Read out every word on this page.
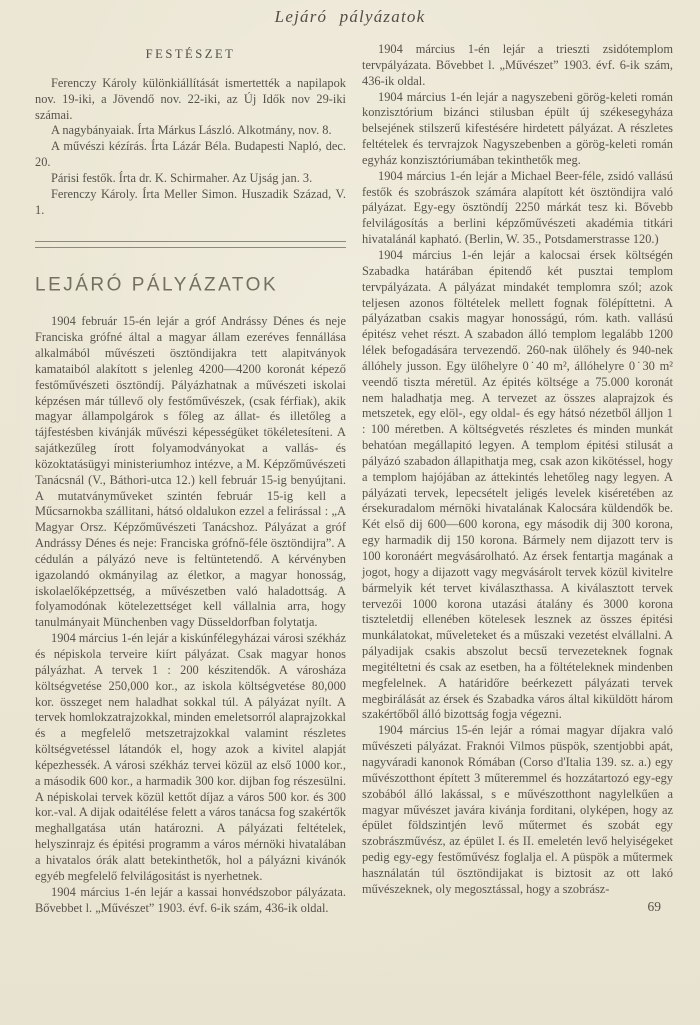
Lejáró pályázatok
FESTÉSZET

Ferenczy Károly különkiállítását ismertették a napilapok nov. 19-iki, a Jövendő nov. 22-iki, az Új Idők nov 29-iki számai.

A nagybányaiak. Írta Márkus László. Alkotmány, nov. 8.

A művészi kézírás. Írta Lázár Béla. Budapesti Napló, dec. 20.

Párisi festők. Írta dr. K. Schirmaher. Az Ujság jan. 3.

Ferenczy Károly. Írta Meller Simon. Huszadik Század, V. 1.

LEJÁRÓ PÁLYÁZATOK

1904 február 15-én lejár a gróf Andrássy Dénes és neje Franciska grófné által a magyar állam ezeréves fennállása alkalmából művészeti ösztöndijakra tett alapitványok kamataiból alakított s jelenleg 4200—4200 koronát képező festőművészeti ösztöndíj. Pályázhatnak a művészeti iskolai képzésen már túllevő oly festőművészek, (csak férfiak), akik magyar állampolgárok s főleg az állat- és illetőleg a tájfestésben kivánják művészi képességüket tökéletesíteni. A sajátkezűleg írott folyamodványokat a vallás- és közoktatásügyi ministeriumhoz intézve, a M. Képzőművészeti Tanácsnál (V., Báthori-utca 12.) kell február 15-ig benyújtani. A mutatványműveket szintén február 15-ig kell a Műcsarnokba szállitani, hátsó oldalukon ezzel a felirással : „A Magyar Orsz. Képzőművészeti Tanácshoz. Pályázat a gróf Andrássy Dénes és neje: Franciska grófnő-féle ösztöndijra”. A cédulán a pályázó neve is feltüntetendő. A kérvényben igazolandó okmányilag az életkor, a magyar honosság, iskolaelőképzettség, a művészetben való haladottság. A folyamodónak kötelezettséget kell vállalnia arra, hogy tanulmányait Münchenben vagy Düsseldorfban folytatja.

1904 március 1-én lejár a kiskúnfélegyházai városi székház és népiskola terveire kiírt pályázat. Csak magyar honos pályázhat. A tervek 1 : 200 készitendők. A városháza költségvetése 250,000 kor., az iskola költségvetése 80,000 kor. összeget nem haladhat sokkal túl. A pályázat nyílt. A tervek homlokzatrajzokkal, minden emeletsorról alaprajzokkal és a megfelelő metszetrajzokkal valamint részletes költségvetéssel látandók el, hogy azok a kivitel alapját képezhessék. A városi székház tervei közül az első 1000 kor., a második 600 kor., a harmadik 300 kor. dijban fog részesülni. A népiskolai tervek közül kettőt díjaz a város 500 kor. és 300 kor.-val. A dijak odaitélése felett a város tanácsa fog szakértők meghallgatása után határozni. A pályázati feltételek, helyszinrajz és épitési programm a város mérnöki hivatalában a hivatalos órák alatt betekinthetők, hol a pályázni kivánók egyéb megfelelő felvilágositást is nyerhetnek.

1904 március 1-én lejár a kassai honvédszobor pályázata. Bővebbet l. „Művészet” 1903. évf. 6-ik szám, 436-ik oldal.

1904 március 1-én lejár a trieszti zsidótemplom tervpályázata. Bővebbet l. „Művészet” 1903. évf. 6-ik szám, 436-ik oldal.

1904 március 1-én lejár a nagyszebeni görög-keleti román konzisztórium bizánci stilusban épült új székesegyháza belsejének stilszerű kifestésére hirdetett pályázat. A részletes feltételek és tervrajzok Nagyszebenben a görög-keleti román egyház konzisztóriumában tekinthetők meg.

1904 március 1-én lejár a Michael Beer-féle, zsidó vallású festők és szobrászok számára alapított két ösztöndijra való pályázat. Egy-egy ösztöndíj 2250 márkát tesz ki. Bővebb felvilágosítás a berlini képzőművészeti akadémia titkári hivatalánál kapható. (Berlin, W. 35., Potsdamerstrasse 120.)

1904 március 1-én lejár a kalocsai érsek költségén Szabadka határában épitendő két pusztai templom tervpályázata. A pályázat mindakét templomra szól; azok teljesen azonos föltételek mellett fognak fölépíttetni. A pályázatban csakis magyar honosságú, róm. kath. vallású épitész vehet részt. A szabadon álló templom legalább 1200 lélek befogadására tervezendő. 260-nak ülőhely és 940-nek állóhely jusson. Egy ülőhelyre 0˙40 m², állóhelyre 0˙30 m² veendő tiszta méretül. Az épités költsége a 75.000 koronát nem haladhatja meg. A tervezet az összes alaprajzok és metszetek, egy elöl-, egy oldal- és egy hátsó nézetből álljon 1 : 100 méretben. A költségvetés részletes és minden munkát behatóan megállapitó legyen. A templom épitési stilusát a pályázó szabadon állapithatja meg, csak azon kikötéssel, hogy a templom hajójában az áttekintés lehetőleg nagy legyen. A pályázati tervek, lepecsételt jeligés levelek kiséretében az érsekuradalom mérnöki hivatalának Kalocsára küldendők be. Két első dij 600—600 korona, egy második dij 300 korona, egy harmadik dij 150 korona. Bármely nem dijazott terv is 100 koronáért megvásárolható. Az érsek fentartja magának a jogot, hogy a dijazott vagy megvásárolt tervek közül kivitelre bármelyik két tervet kiválaszthassa. A kiválasztott tervek tervezői 1000 korona utazási átalány és 3000 korona tiszteletdij ellenében kötelesek lesznek az összes épitési munkálatokat, műveleteket és a műszaki vezetést elvállalni. A pályadijak csakis abszolut becsű tervezeteknek fognak megitéltetni és csak az esetben, ha a föltételeknek mindenben megfelelnek. A határidőre beérkezett pályázati tervek megbirálását az érsek és Szabadka város által kiküldött három szakértőből álló bizottság fogja végezni.

1904 március 15-én lejár a római magyar díjakra való művészeti pályázat. Fraknói Vilmos püspök, szentjobbi apát, nagyváradi kanonok Rómában (Corso d'Italia 139. sz. a.) egy művészotthont épített 3 műteremmel és hozzátartozó egy-egy szobából álló lakással, s e művészotthont nagylelkűen a magyar művészet javára kivánja forditani, olyképen, hogy az épület földszintjén levő műtermet és szobát egy szobrászművész, az épület I. és II. emeletén levő helyiségeket pedig egy-egy festőművész foglalja el. A püspök a műtermek használatán túl ösztöndijakat is biztosit az ott lakó művészeknek, oly megosztással, hogy a szobrász-

69
